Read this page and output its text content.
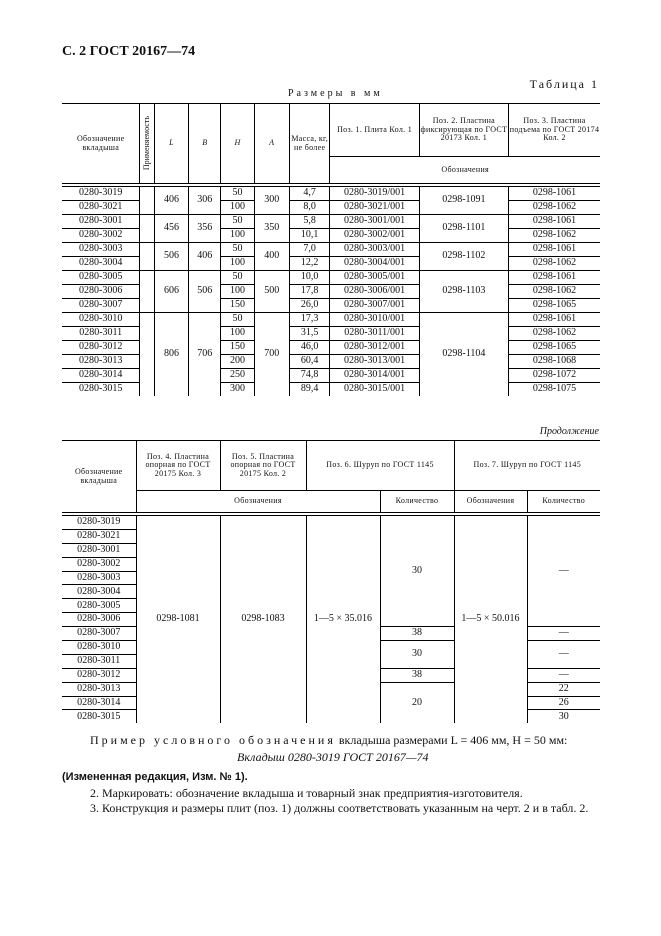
С. 2 ГОСТ 20167—74
Таблица 1
Размеры в мм
Обозначение вкладыша	Применяемость	L	B	H	A	Масса, кг, не более	Поз. 1. Плита Кол. 1	Поз. 2. Пластина фиксирующая по ГОСТ 20173 Кол. 1	Поз. 3. Пластина подъема по ГОСТ 20174 Кол. 2
							Обозначения		

0280-3019		406	306	50	300	4,7	0280-3019/001	0298-1091	0298-1061
0280-3021				100		8,0	0280-3021/001		0298-1062
0280-3001		456	356	50	350	5,8	0280-3001/001	0298-1101	0298-1061
0280-3002				100		10,1	0280-3002/001		0298-1062
0280-3003		506	406	50	400	7,0	0280-3003/001	0298-1102	0298-1061
0280-3004				100		12,2	0280-3004/001		0298-1062
0280-3005		606	506	50	500	10,0	0280-3005/001	0298-1103	0298-1061
0280-3006				100		17,8	0280-3006/001		0298-1062
0280-3007				150		26,0	0280-3007/001		0298-1065
0280-3010		806	706	50	700	17,3	0280-3010/001	0298-1104	0298-1061
0280-3011				100		31,5	0280-3011/001		0298-1062
0280-3012				150		46,0	0280-3012/001		0298-1065
0280-3013				200		60,4	0280-3013/001		0298-1068
0280-3014				250		74,8	0280-3014/001		0298-1072
0280-3015				300		89,4	0280-3015/001		0298-1075
Продолжение
Обозначение вкладыша	Поз. 4. Пластина опорная по ГОСТ 20175 Кол. 3	Поз. 5. Пластина опорная по ГОСТ 20175 Кол. 2	Поз. 6. Шуруп по ГОСТ 1145		Поз. 7. Шуруп по ГОСТ 1145	
	Обозначения			Количество	Обозначения	Количество

0280-3019	0298-1081	0298-1083	1—5 × 35.016	30	1—5 × 50.016	—
0280-3021						
0280-3001						
0280-3002						
0280-3003						
0280-3004						
0280-3005						
0280-3006						
0280-3007				38		—
0280-3010				30		—
0280-3011						
0280-3012				38		—
0280-3013				20		22
0280-3014						26
0280-3015						30
Пример условного обозначения вкладыша размерами L = 406 мм, H = 50 мм:
Вкладыш 0280-3019 ГОСТ 20167—74

(Измененная редакция, Изм. № 1).

2. Маркировать: обозначение вкладыша и товарный знак предприятия-изготовителя.

3. Конструкция и размеры плит (поз. 1) должны соответствовать указанным на черт. 2 и в табл. 2.
